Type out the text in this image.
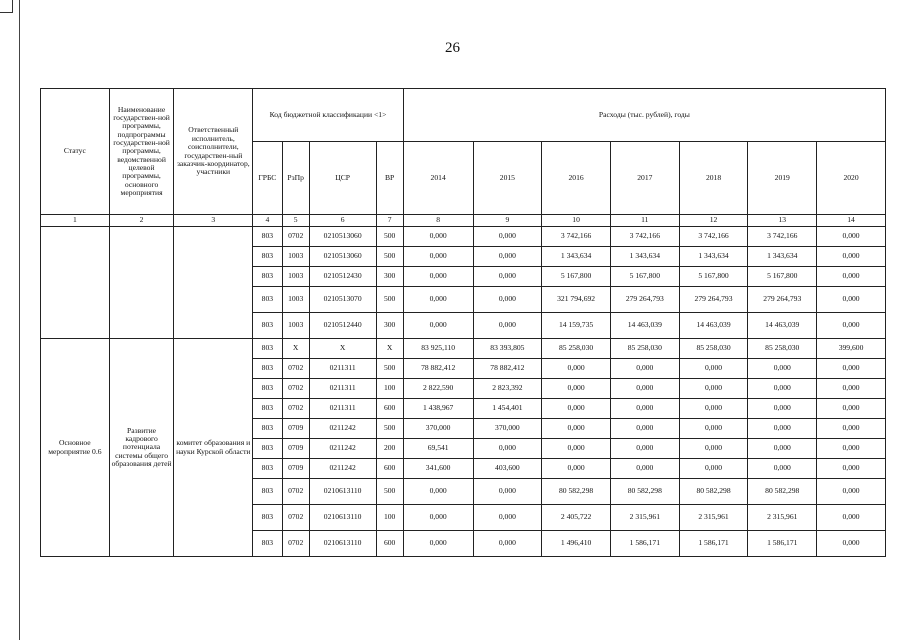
26
Статус	Наименование государствен-ной программы, подпрограммы государствен-ной программы, ведомственной целевой программы, основного мероприятия	Ответственный исполнитель, соисполнители, государствен-ный заказчик-координатор, участники	Код бюджетной классификации <1>				Расходы (тыс. рублей), годы						
			ГРБС	РзПр	ЦСР	ВР	2014	2015	2016	2017	2018	2019	2020
1	2	3	4	5	6	7	8	9	10	11	12	13	14
			803	0702	0210513060	500	0,000	0,000	3 742,166	3 742,166	3 742,166	3 742,166	0,000
			803	1003	0210513060	500	0,000	0,000	1 343,634	1 343,634	1 343,634	1 343,634	0,000
			803	1003	0210512430	300	0,000	0,000	5 167,800	5 167,800	5 167,800	5 167,800	0,000
			803	1003	0210513070	500	0,000	0,000	321 794,692	279 264,793	279 264,793	279 264,793	0,000
			803	1003	0210512440	300	0,000	0,000	14 159,735	14 463,039	14 463,039	14 463,039	0,000
Основное мероприятие 0.6	Развитие кадрового потенциала системы общего образования детей	комитет образования и науки Курской области	803	X	X	X	83 925,110	83 393,805	85 258,030	85 258,030	85 258,030	85 258,030	399,600
			803	0702	0211311	500	78 882,412	78 882,412	0,000	0,000	0,000	0,000	0,000
			803	0702	0211311	100	2 822,590	2 823,392	0,000	0,000	0,000	0,000	0,000
			803	0702	0211311	600	1 438,967	1 454,401	0,000	0,000	0,000	0,000	0,000
			803	0709	0211242	500	370,000	370,000	0,000	0,000	0,000	0,000	0,000
			803	0709	0211242	200	69,541	0,000	0,000	0,000	0,000	0,000	0,000
			803	0709	0211242	600	341,600	403,600	0,000	0,000	0,000	0,000	0,000
			803	0702	0210613110	500	0,000	0,000	80 582,298	80 582,298	80 582,298	80 582,298	0,000
			803	0702	0210613110	100	0,000	0,000	2 405,722	2 315,961	2 315,961	2 315,961	0,000
			803	0702	0210613110	600	0,000	0,000	1 496,410	1 586,171	1 586,171	1 586,171	0,000
